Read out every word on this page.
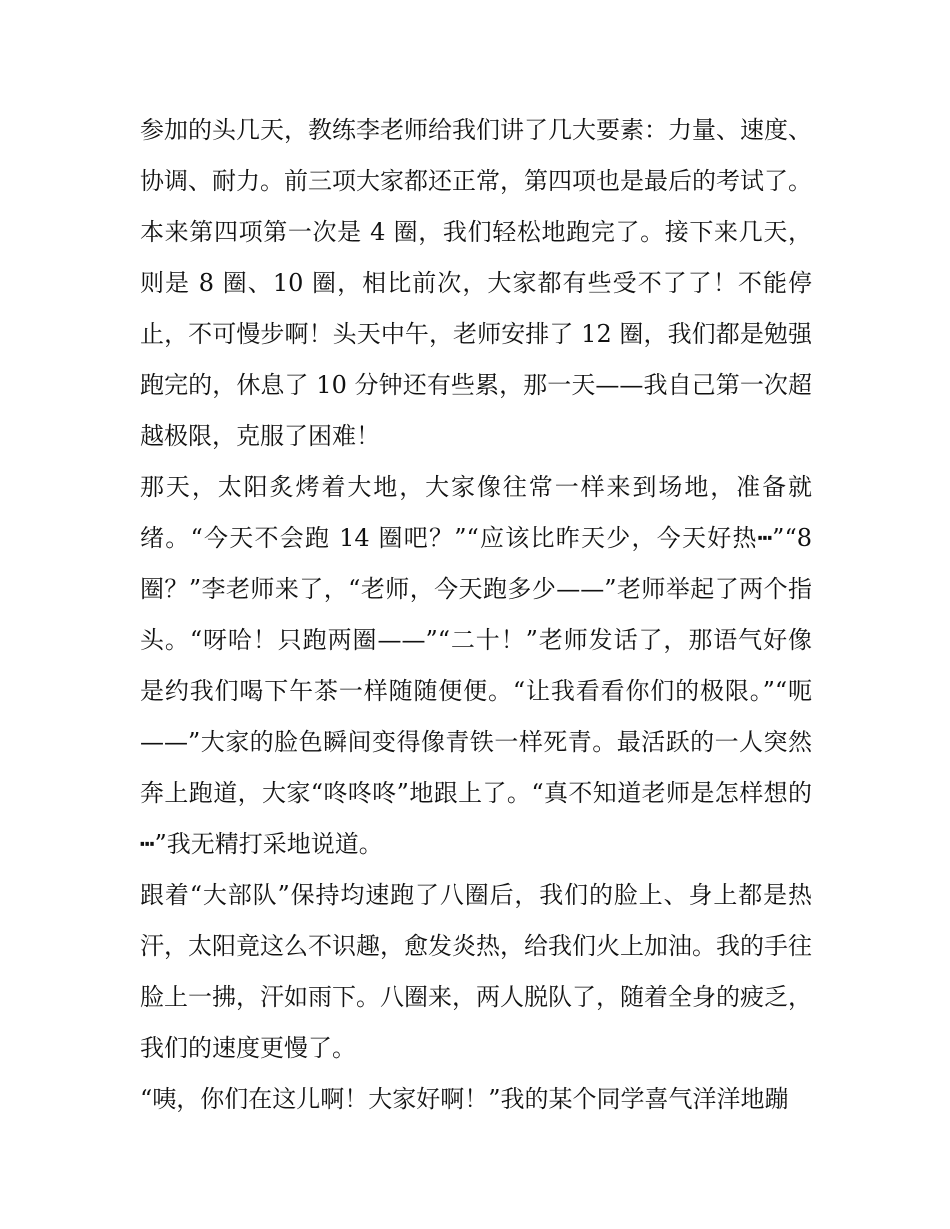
参加的头几天，教练李老师给我们讲了几大要素：力量、速度、协调、耐力。前三项大家都还正常，第四项也是最后的考试了。本来第四项第一次是 4 圈，我们轻松地跑完了。接下来几天，则是 8 圈、10 圈，相比前次，大家都有些受不了了！不能停止，不可慢步啊！头天中午，老师安排了 12 圈，我们都是勉强跑完的，休息了 10 分钟还有些累，那一天——我自己第一次超越极限，克服了困难！

那天，太阳炙烤着大地，大家像往常一样来到场地，准备就绪。“今天不会跑 14 圈吧？”“应该比昨天少，今天好热┅”“8 圈？”李老师来了，“老师，今天跑多少——”老师举起了两个指头。“呀哈！只跑两圈——”“二十！”老师发话了，那语气好像是约我们喝下午茶一样随随便便。“让我看看你们的极限。”“呃——”大家的脸色瞬间变得像青铁一样死青。最活跃的一人突然奔上跑道，大家“咚咚咚”地跟上了。“真不知道老师是怎样想的┅”我无精打采地说道。

跟着“大部队”保持均速跑了八圈后，我们的脸上、身上都是热汗，太阳竟这么不识趣，愈发炎热，给我们火上加油。我的手往脸上一拂，汗如雨下。八圈来，两人脱队了，随着全身的疲乏，我们的速度更慢了。

“咦，你们在这儿啊！大家好啊！”我的某个同学喜气洋洋地蹦
